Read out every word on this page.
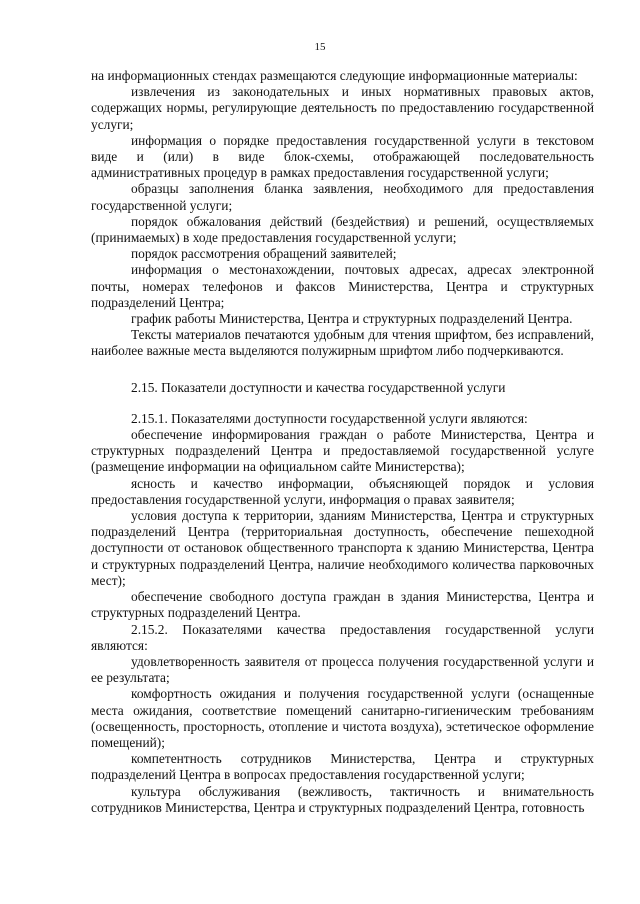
15

на информационных стендах размещаются следующие информационные материалы:

извлечения из законодательных и иных нормативных правовых актов, содержащих нормы, регулирующие деятельность по предоставлению государственной услуги;

информация о порядке предоставления государственной услуги в текстовом виде и (или) в виде блок-схемы, отображающей последовательность административных процедур в рамках предоставления государственной услуги;

образцы заполнения бланка заявления, необходимого для предоставления государственной услуги;

порядок обжалования действий (бездействия) и решений, осуществляемых (принимаемых) в ходе предоставления государственной услуги;

порядок рассмотрения обращений заявителей;

информация о местонахождении, почтовых адресах, адресах электронной почты, номерах телефонов и факсов Министерства, Центра и структурных подразделений Центра;

график работы Министерства, Центра и структурных подразделений Центра.

Тексты материалов печатаются удобным для чтения шрифтом, без исправлений, наиболее важные места выделяются полужирным шрифтом либо подчеркиваются.

2.15. Показатели доступности и качества государственной услуги

2.15.1. Показателями доступности государственной услуги являются:

обеспечение информирования граждан о работе Министерства, Центра и структурных подразделений Центра и предоставляемой государственной услуге (размещение информации на официальном сайте Министерства);

ясность и качество информации, объясняющей порядок и условия предоставления государственной услуги, информация о правах заявителя;

условия доступа к территории, зданиям Министерства, Центра и структурных подразделений Центра (территориальная доступность, обеспечение пешеходной доступности от остановок общественного транспорта к зданию Министерства, Центра и структурных подразделений Центра, наличие необходимого количества парковочных мест);

обеспечение свободного доступа граждан в здания Министерства, Центра и структурных подразделений Центра.

2.15.2. Показателями качества предоставления государственной услуги являются:

удовлетворенность заявителя от процесса получения государственной услуги и ее результата;

комфортность ожидания и получения государственной услуги (оснащенные места ожидания, соответствие помещений санитарно-гигиеническим требованиям (освещенность, просторность, отопление и чистота воздуха), эстетическое оформление помещений);

компетентность сотрудников Министерства, Центра и структурных подразделений Центра в вопросах предоставления государственной услуги;

культура обслуживания (вежливость, тактичность и внимательность сотрудников Министерства, Центра и структурных подразделений Центра, готовность
